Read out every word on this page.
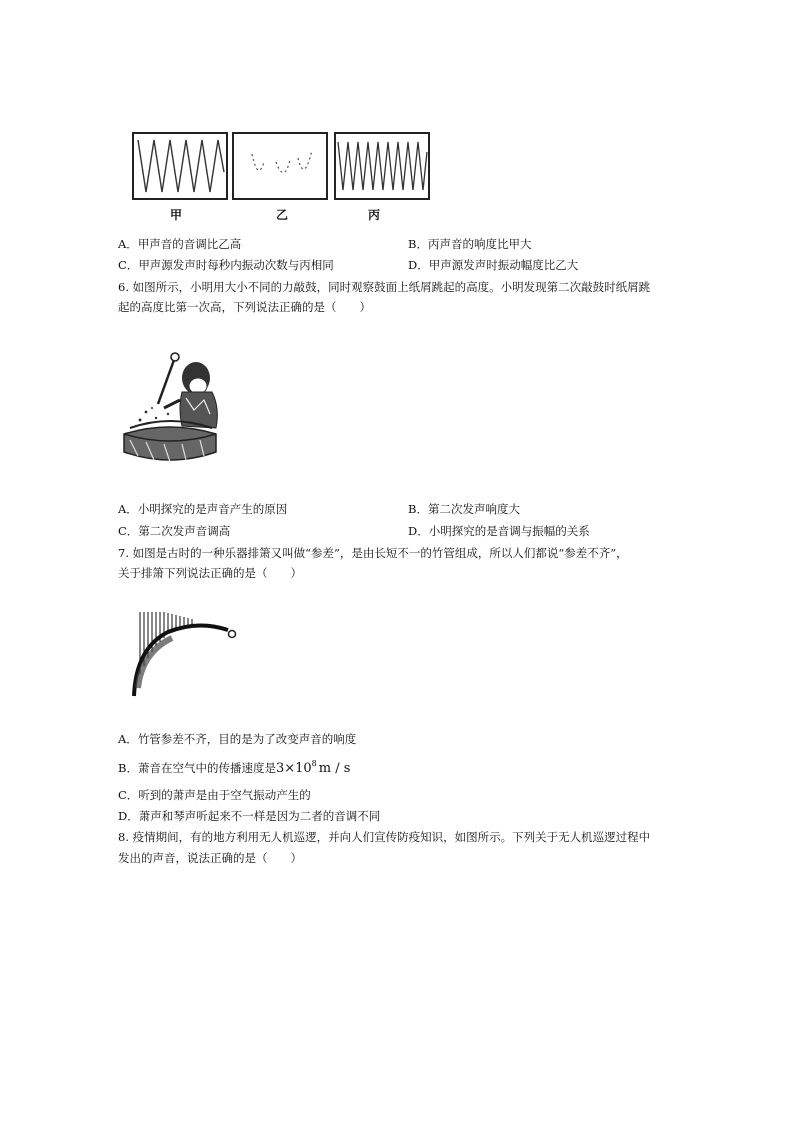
甲	乙	丙
A．甲声音的音调比乙高	B．丙声音的响度比甲大
C．甲声源发声时每秒内振动次数与丙相同	D．甲声源发声时振动幅度比乙大
6. 如图所示，小明用大小不同的力敲鼓，同时观察鼓面上纸屑跳起的高度。小明发现第二次敲鼓时纸屑跳
起的高度比第一次高，下列说法正确的是（　　）
A．小明探究的是声音产生的原因	B．第二次发声响度大
C．第二次发声音调高	D．小明探究的是音调与振幅的关系
7. 如图是古时的一种乐器排箫又叫做“参差”，是由长短不一的竹管组成，所以人们都说“参差不齐”，
关于排箫下列说法正确的是（　　）
A．竹管参差不齐，目的是为了改变声音的响度
B．萧音在空气中的传播速度是$3\times 10^8$ m / s
C．听到的萧声是由于空气振动产生的
D．萧声和琴声听起来不一样是因为二者的音调不同
8. 疫情期间，有的地方利用无人机巡逻，并向人们宣传防疫知识，如图所示。下列关于无人机巡逻过程中
发出的声音，说法正确的是（　　）
